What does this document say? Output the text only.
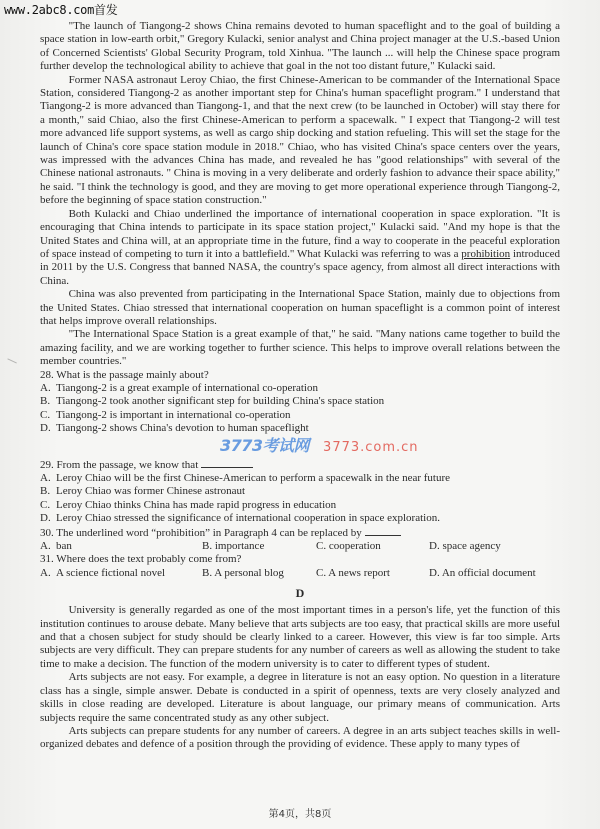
www.2abc8.com首发

"The launch of Tiangong-2 shows China remains devoted to human spaceflight and to the goal of building a space station in low-earth orbit," Gregory Kulacki, senior analyst and China project manager at the U.S.-based Union of Concerned Scientists' Global Security Program, told Xinhua. "The launch ... will help the Chinese space program further develop the technological ability to achieve that goal in the not too distant future," Kulacki said.

Former NASA astronaut Leroy Chiao, the first Chinese-American to be commander of the International Space Station, considered Tiangong-2 as another important step for China's human spaceflight program." I understand that Tiangong-2 is more advanced than Tiangong-1, and that the next crew (to be launched in October) will stay there for a month," said Chiao, also the first Chinese-American to perform a spacewalk. " I expect that Tiangong-2 will test more advanced life support systems, as well as cargo ship docking and station refueling. This will set the stage for the launch of China's core space station module in 2018." Chiao, who has visited China's space centers over the years, was impressed with the advances China has made, and revealed he has "good relationships" with several of the Chinese national astronauts. " China is moving in a very deliberate and orderly fashion to advance their space ability," he said. "I think the technology is good, and they are moving to get more operational experience through Tiangong-2, before the beginning of space station construction."

Both Kulacki and Chiao underlined the importance of international cooperation in space exploration. "It is encouraging that China intends to participate in its space station project," Kulacki said. "And my hope is that the United States and China will, at an appropriate time in the future, find a way to cooperate in the peaceful exploration of space instead of competing to turn it into a battlefield." What Kulacki was referring to was a prohibition introduced in 2011 by the U.S. Congress that banned NASA, the country's space agency, from almost all direct interactions with China.

China was also prevented from participating in the International Space Station, mainly due to objections from the United States. Chiao stressed that international cooperation on human spaceflight is a common point of interest that helps improve overall relationships.

"The International Space Station is a great example of that," he said. "Many nations came together to build the amazing facility, and we are working together to further science. This helps to improve overall relations between the member countries."

28. What is the passage mainly about?

A. Tiangong-2 is a great example of international co-operation

B. Tiangong-2 took another significant step for building China's space station

C. Tiangong-2 is important in international co-operation

D. Tiangong-2 shows China's devotion to human spaceflight

3773考试网 3773.com.cn

29. From the passage, we know that

A. Leroy Chiao will be the first Chinese-American to perform a spacewalk in the near future

B. Leroy Chiao was former Chinese astronaut

C. Leroy Chiao thinks China has made rapid progress in education

D. Leroy Chiao stressed the significance of international cooperation in space exploration.

30. The underlined word “prohibition” in Paragraph 4 can be replaced by

A. ban	B. importance	C. cooperation	D. space agency

31. Where does the text probably come from?

A. A science fictional novel	B. A personal blog	C. A news report	D. An official document
D

University is generally regarded as one of the most important times in a person's life, yet the function of this institution continues to arouse debate. Many believe that arts subjects are too easy, that practical skills are more useful and that a chosen subject for study should be clearly linked to a career. However, this view is far too simple. Arts subjects are very difficult. They can prepare students for any number of careers as well as allowing the student to take time to make a decision. The function of the modern university is to cater to different types of student.

Arts subjects are not easy. For example, a degree in literature is not an easy option. No question in a literature class has a single, simple answer. Debate is conducted in a spirit of openness, texts are very closely analyzed and skills in close reading are developed. Literature is about language, our primary means of communication. Arts subjects require the same concentrated study as any other subject.

Arts subjects can prepare students for any number of careers. A degree in an arts subject teaches skills in well-organized debates and defence of a position through the providing of evidence. These apply to many types of

第4页，共8页
